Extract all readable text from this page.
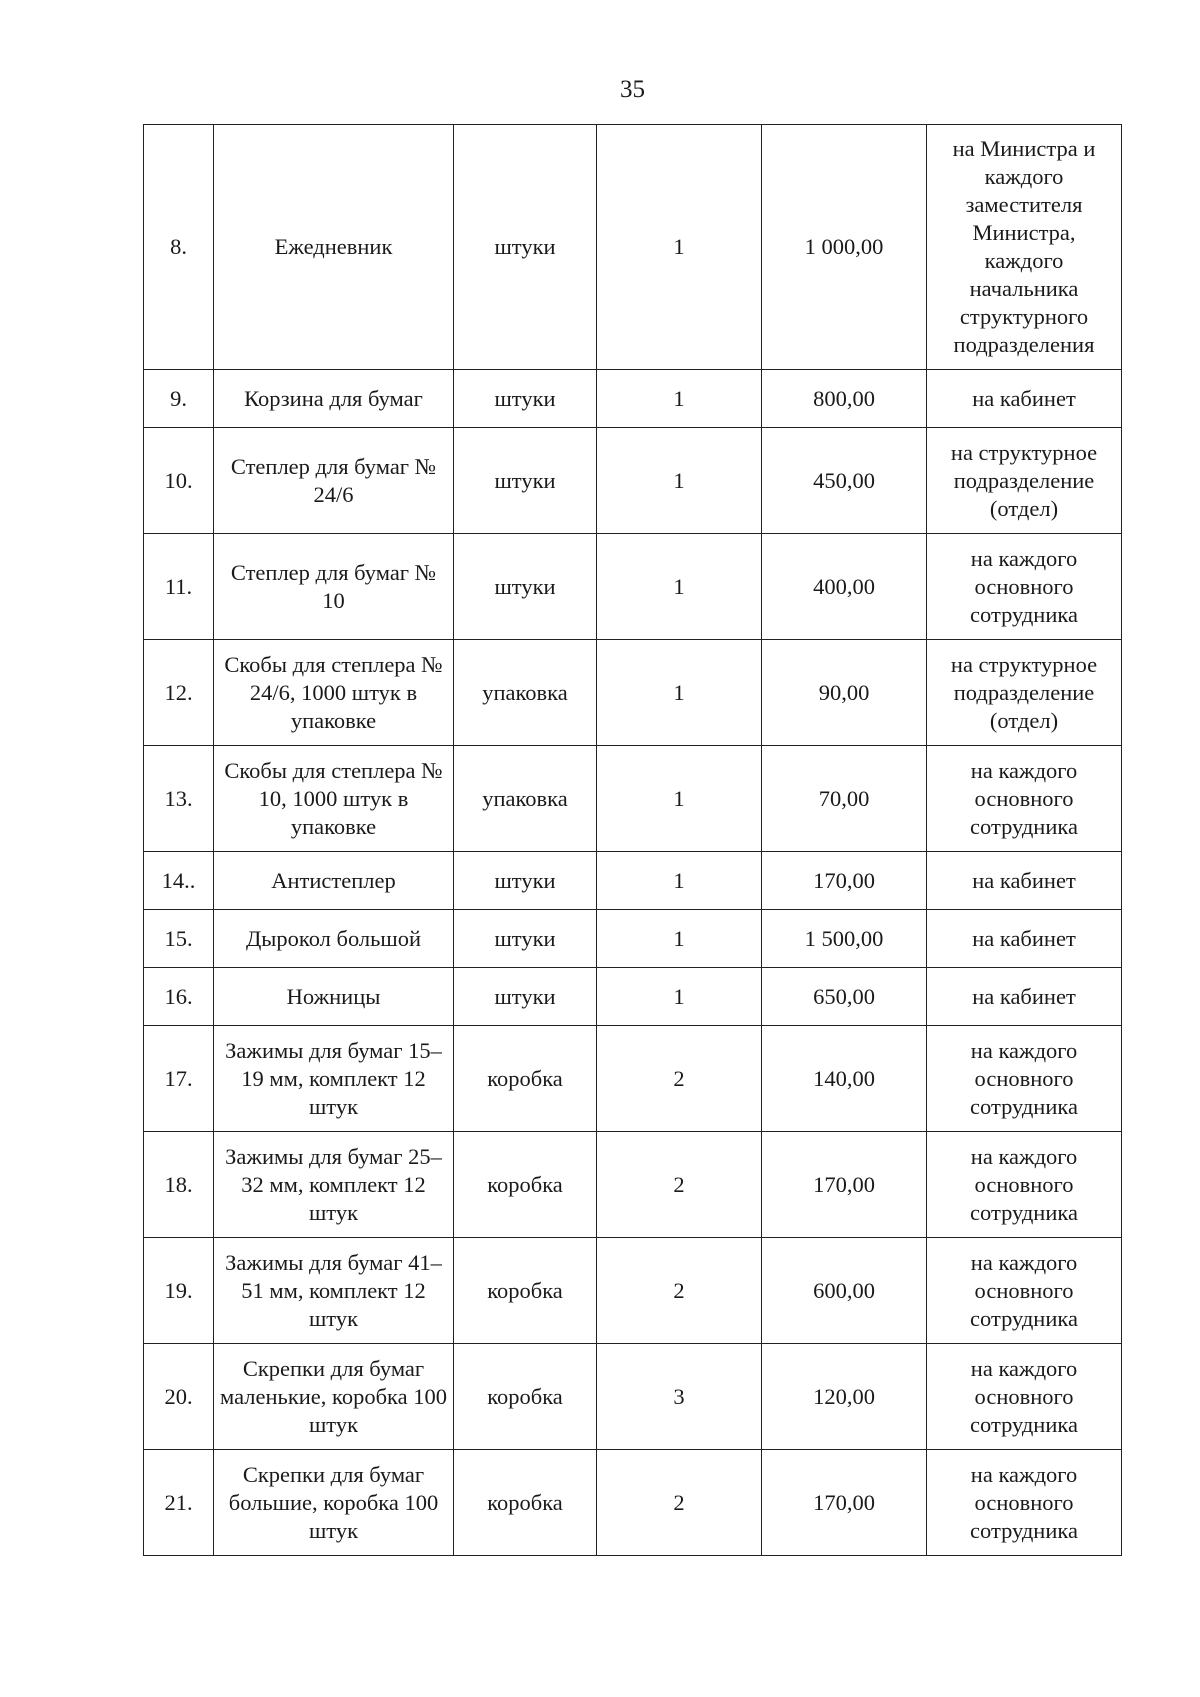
35
8.	Ежедневник	штуки	1	1 000,00	на Министра и каждого заместителя Министра, каждого начальника структурного подразделения
9.	Корзина для бумаг	штуки	1	800,00	на кабинет
10.	Степлер для бумаг № 24/6	штуки	1	450,00	на структурное подразделение (отдел)
11.	Степлер для бумаг № 10	штуки	1	400,00	на каждого основного сотрудника
12.	Скобы для степлера № 24/6, 1000 штук в упаковке	упаковка	1	90,00	на структурное подразделение (отдел)
13.	Скобы для степлера № 10, 1000 штук в упаковке	упаковка	1	70,00	на каждого основного сотрудника
14..	Антистеплер	штуки	1	170,00	на кабинет
15.	Дырокол большой	штуки	1	1 500,00	на кабинет
16.	Ножницы	штуки	1	650,00	на кабинет
17.	Зажимы для бумаг 15–19 мм, комплект 12 штук	коробка	2	140,00	на каждого основного сотрудника
18.	Зажимы для бумаг 25–32 мм, комплект 12 штук	коробка	2	170,00	на каждого основного сотрудника
19.	Зажимы для бумаг 41–51 мм, комплект 12 штук	коробка	2	600,00	на каждого основного сотрудника
20.	Скрепки для бумаг маленькие, коробка 100 штук	коробка	3	120,00	на каждого основного сотрудника
21.	Скрепки для бумаг большие, коробка 100 штук	коробка	2	170,00	на каждого основного сотрудника
